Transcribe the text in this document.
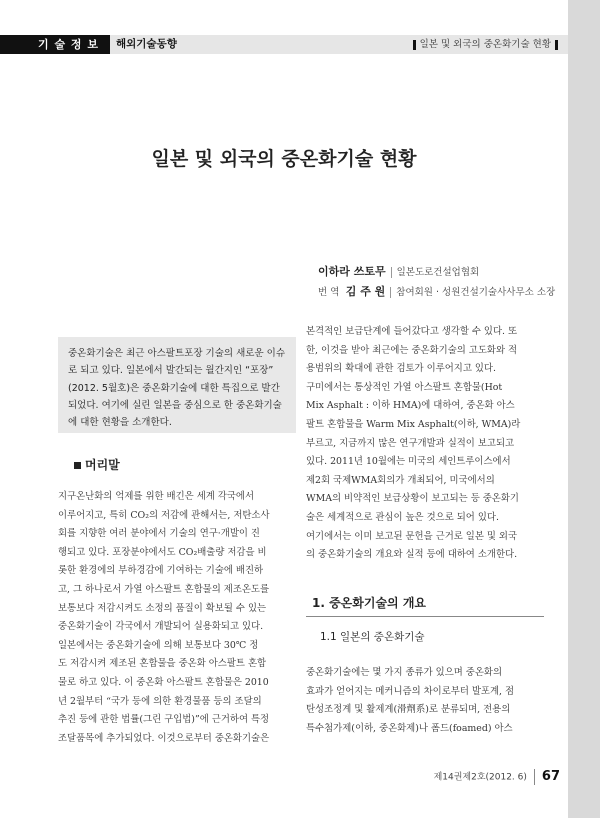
기 술 정 보 해외기술동향	일본 및 외국의 중온화기술 현황
일본 및 외국의 중온화기술 현황
이하라 쓰토무 일본도로건설업협회
번 역 김 주 원 참여회원 · 성원건설기술사사무소 소장

중온화기술은 최근 아스팔트포장 기술의 새로운 이슈

로 되고 있다. 일본에서 발간되는 월간지인 “포장”

(2012. 5월호)은 중온화기술에 대한 특집으로 발간

되었다. 여기에 실린 일본을 중심으로 한 중온화기술

에 대한 현황을 소개한다.

머리말

지구온난화의 억제를 위한 배긴은 세계 각국에서

이루어지고, 특히 CO₂의 저감에 관해서는, 저탄소사

회를 지향한 여러 분야에서 기술의 연구·개발이 진

행되고 있다. 포장분야에서도 CO₂배출량 저감을 비

롯한 환경에의 부하경감에 기여하는 기술에 배진하

고, 그 하나로서 가열 아스팔트 혼합물의 제조온도를

보통보다 저감시켜도 소정의 품질이 확보될 수 있는

중온화기술이 각국에서 개발되어 실용화되고 있다.

일본에서는 중온화기술에 의해 보통보다 30℃ 정

도 저감시켜 제조된 혼합물을 중온화 아스팔트 혼합

물로 하고 있다. 이 중온화 아스팔트 혼합물은 2010

년 2월부터 “국가 등에 의한 환경물품 등의 조달의

추진 등에 관한 법률(그린 구입법)”에 근거하여 특정

조달품목에 추가되었다. 이것으로부터 중온화기술은

본격적인 보급단계에 들어갔다고 생각할 수 있다. 또

한, 이것을 받아 최근에는 중온화기술의 고도화와 적

용범위의 확대에 관한 검토가 이루어지고 있다.

구미에서는 통상적인 가열 아스팔트 혼합물(Hot

Mix Asphalt : 이하 HMA)에 대하여, 중온화 아스

팔트 혼합물을 Warm Mix Asphalt(이하, WMA)라

부르고, 지금까지 많은 연구개발과 실적이 보고되고

있다. 2011년 10월에는 미국의 세인트루이스에서

제2회 국제WMA회의가 개최되어, 미국에서의

WMA의 비약적인 보급상황이 보고되는 등 중온화기

술은 세계적으로 관심이 높은 것으로 되어 있다.

여기에서는 이미 보고된 문헌을 근거로 일본 및 외국

의 중온화기술의 개요와 실적 등에 대하여 소개한다.

1. 중온화기술의 개요
1.1 일본의 중온화기술

중온화기술에는 몇 가지 종류가 있으며 중온화의

효과가 얻어지는 메커니즘의 차이로부터 발포계, 점

탄성조정계 및 활제계(滑劑系)로 분류되며, 전용의

특수첨가제(이하, 중온화제)나 폼드(foamed) 아스

제14권제2호(2012. 6) 67
